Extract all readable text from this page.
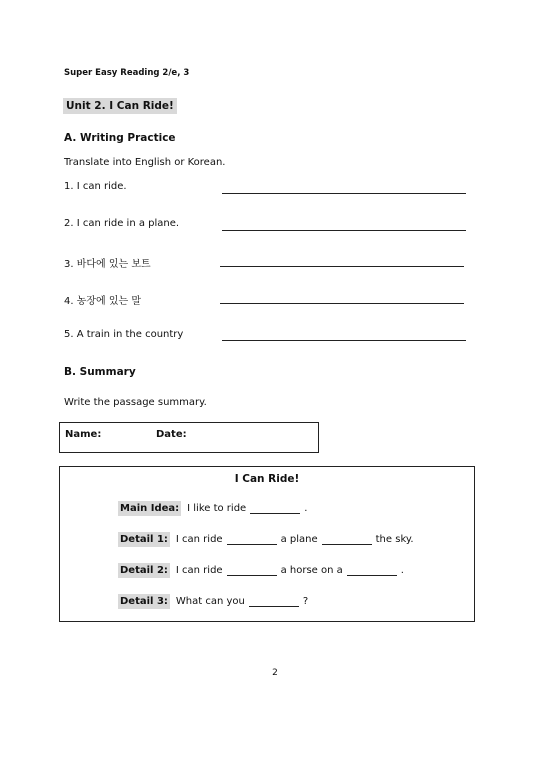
Super Easy Reading 2/e, 3
Unit 2. I Can Ride!
A. Writing Practice
Translate into English or Korean.
1. I can ride.
2. I can ride in a plane.
3. 바다에 있는 보트
4. 농장에 있는 말
5. A train in the country
B. Summary
Write the passage summary.
Name:	Date:
I Can Ride!
Main Idea: I like to ride	.
Detail 1: I can ride	a plane	the sky.
Detail 2: I can ride	a horse on a	.
Detail 3: What can you	?
2
